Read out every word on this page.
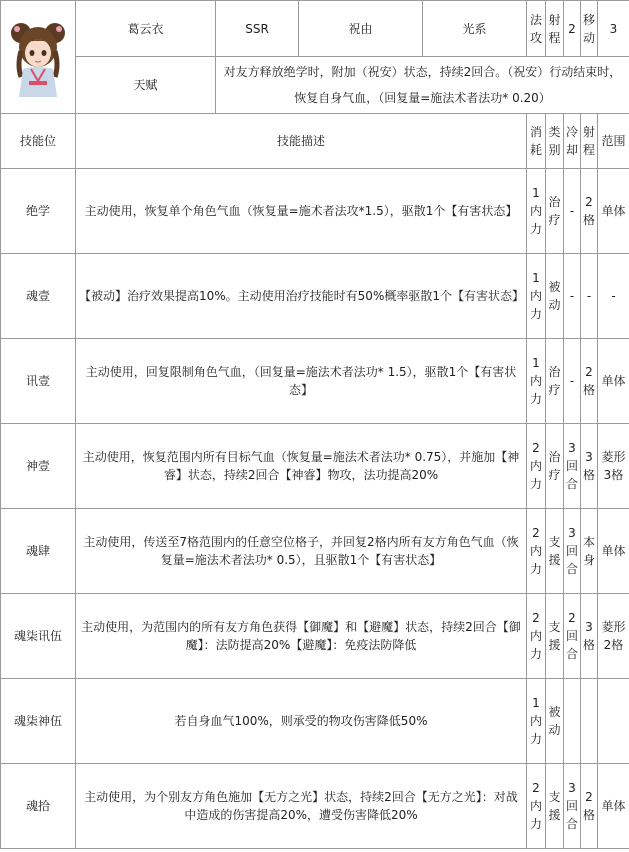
	葛云衣	SSR	祝由	光系	法攻	射程	2	移动	3
	天赋	对友方释放绝学时，附加（祝安）状态，持续2回合。（祝安）行动结束时，恢复自身气血，（回复量=施法术者法功* 0.20）							
技能位	技能描述				消耗	类别	冷却	射程	范围
绝学	主动使用，恢复单个角色气血（恢复量=施术者法攻*1.5），驱散1个【有害状态】				1内力	治疗	-	2格	单体
魂壹	【被动】治疗效果提高10%。主动使用治疗技能时有50%概率驱散1个【有害状态】				1内力	被动	-	-	-
讯壹	主动使用，回复限制角色气血，（回复量=施法术者法功* 1.5），驱散1个【有害状态】				1内力	治疗	-	2格	单体
神壹	主动使用，恢复范围内所有目标气血（恢复量=施法术者法功* 0.75），并施加【神睿】状态，持续2回合【神睿】物攻，法功提高20%				2内力	治疗	3回合	3格	菱形3格
魂肆	主动使用，传送至7格范围内的任意空位格子，并回复2格内所有友方角色气血（恢复量=施法术者法功* 0.5），且驱散1个【有害状态】				2内力	支援	3回合	本身	单体
魂柒讯伍	主动使用，为范围内的所有友方角色获得【御魔】和【避魔】状态，持续2回合【御魔】：法防提高20%【避魔】：免疫法防降低				2内力	支援	2回合	3格	菱形2格
魂柒神伍	若自身血气100%，则承受的物攻伤害降低50%				1内力	被动			
魂拾	主动使用，为个别友方角色施加【无方之光】状态，持续2回合【无方之光】：对战中造成的伤害提高20%，遭受伤害降低20%				2内力	支援	3回合	2格	单体
